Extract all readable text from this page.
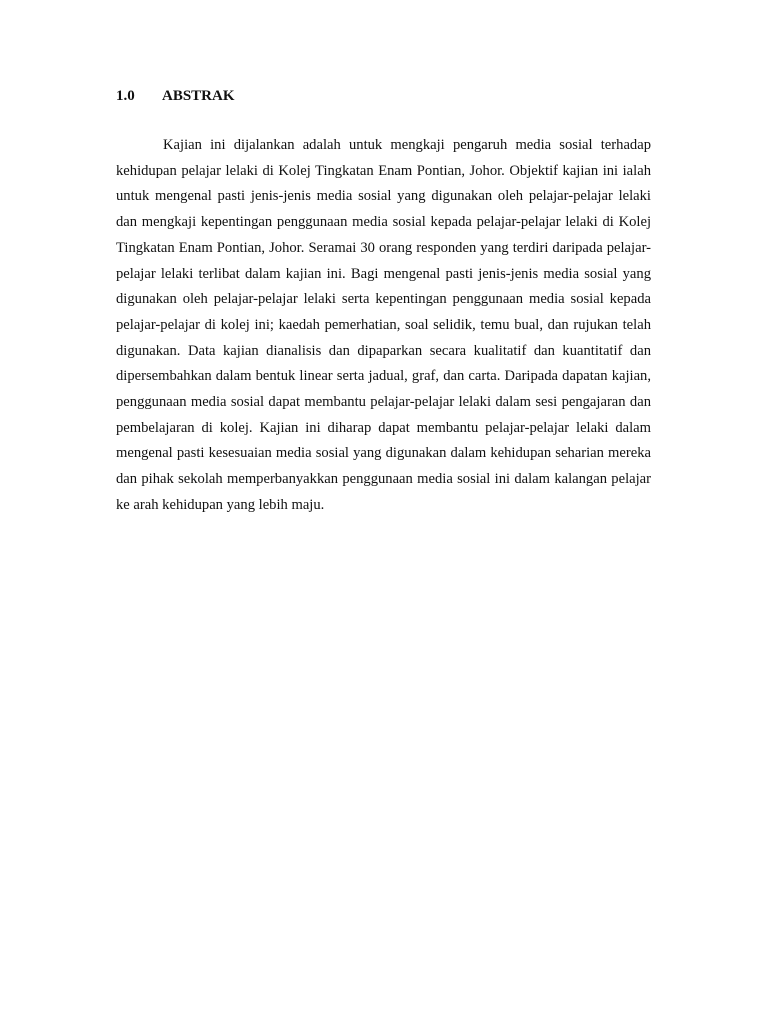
1.0 ABSTRAK

Kajian ini dijalankan adalah untuk mengkaji pengaruh media sosial terhadap kehidupan pelajar lelaki di Kolej Tingkatan Enam Pontian, Johor. Objektif kajian ini ialah untuk mengenal pasti jenis-jenis media sosial yang digunakan oleh pelajar-pelajar lelaki dan mengkaji kepentingan penggunaan media sosial kepada pelajar-pelajar lelaki di Kolej Tingkatan Enam Pontian, Johor. Seramai 30 orang responden yang terdiri daripada pelajar-pelajar lelaki terlibat dalam kajian ini. Bagi mengenal pasti jenis-jenis media sosial yang digunakan oleh pelajar-pelajar lelaki serta kepentingan penggunaan media sosial kepada pelajar-pelajar di kolej ini; kaedah pemerhatian, soal selidik, temu bual, dan rujukan telah digunakan. Data kajian dianalisis dan dipaparkan secara kualitatif dan kuantitatif dan dipersembahkan dalam bentuk linear serta jadual, graf, dan carta. Daripada dapatan kajian, penggunaan media sosial dapat membantu pelajar-pelajar lelaki dalam sesi pengajaran dan pembelajaran di kolej. Kajian ini diharap dapat membantu pelajar-pelajar lelaki dalam mengenal pasti kesesuaian media sosial yang digunakan dalam kehidupan seharian mereka dan pihak sekolah memperbanyakkan penggunaan media sosial ini dalam kalangan pelajar ke arah kehidupan yang lebih maju.
